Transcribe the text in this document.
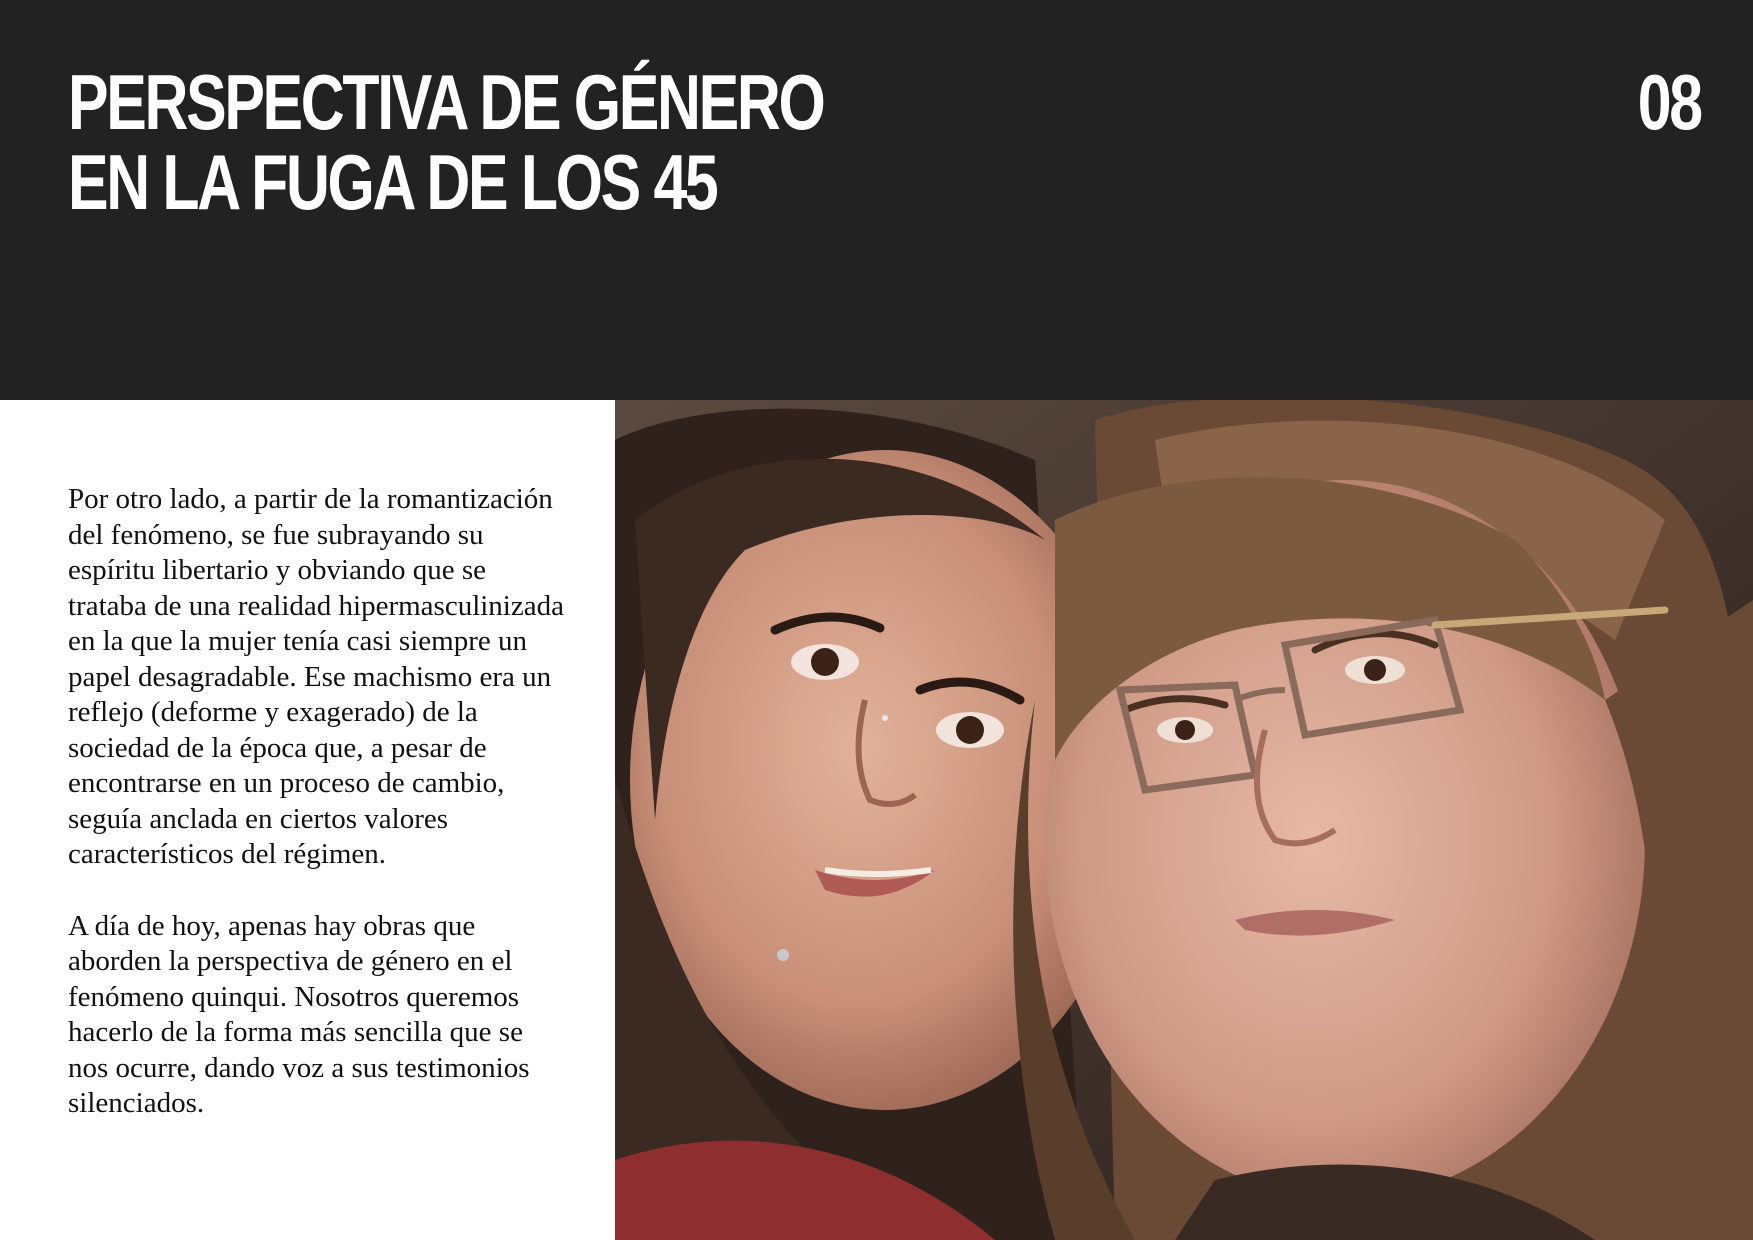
PERSPECTIVA DE GÉNERO
EN LA FUGA DE LOS 45
08

Por otro lado, a partir de la romantización del fenómeno, se fue subrayando su espíritu libertario y obviando que se trataba de una realidad hipermasculinizada en la que la mujer tenía casi siempre un papel desagradable. Ese machismo era un reflejo (deforme y exagerado) de la sociedad de la época que, a pesar de encontrarse en un proceso de cambio, seguía anclada en ciertos valores característicos del régimen.

A día de hoy, apenas hay obras que aborden la perspectiva de género en el fenómeno quinqui. Nosotros queremos hacerlo de la forma más sencilla que se nos ocurre, dando voz a sus testimonios silenciados.
